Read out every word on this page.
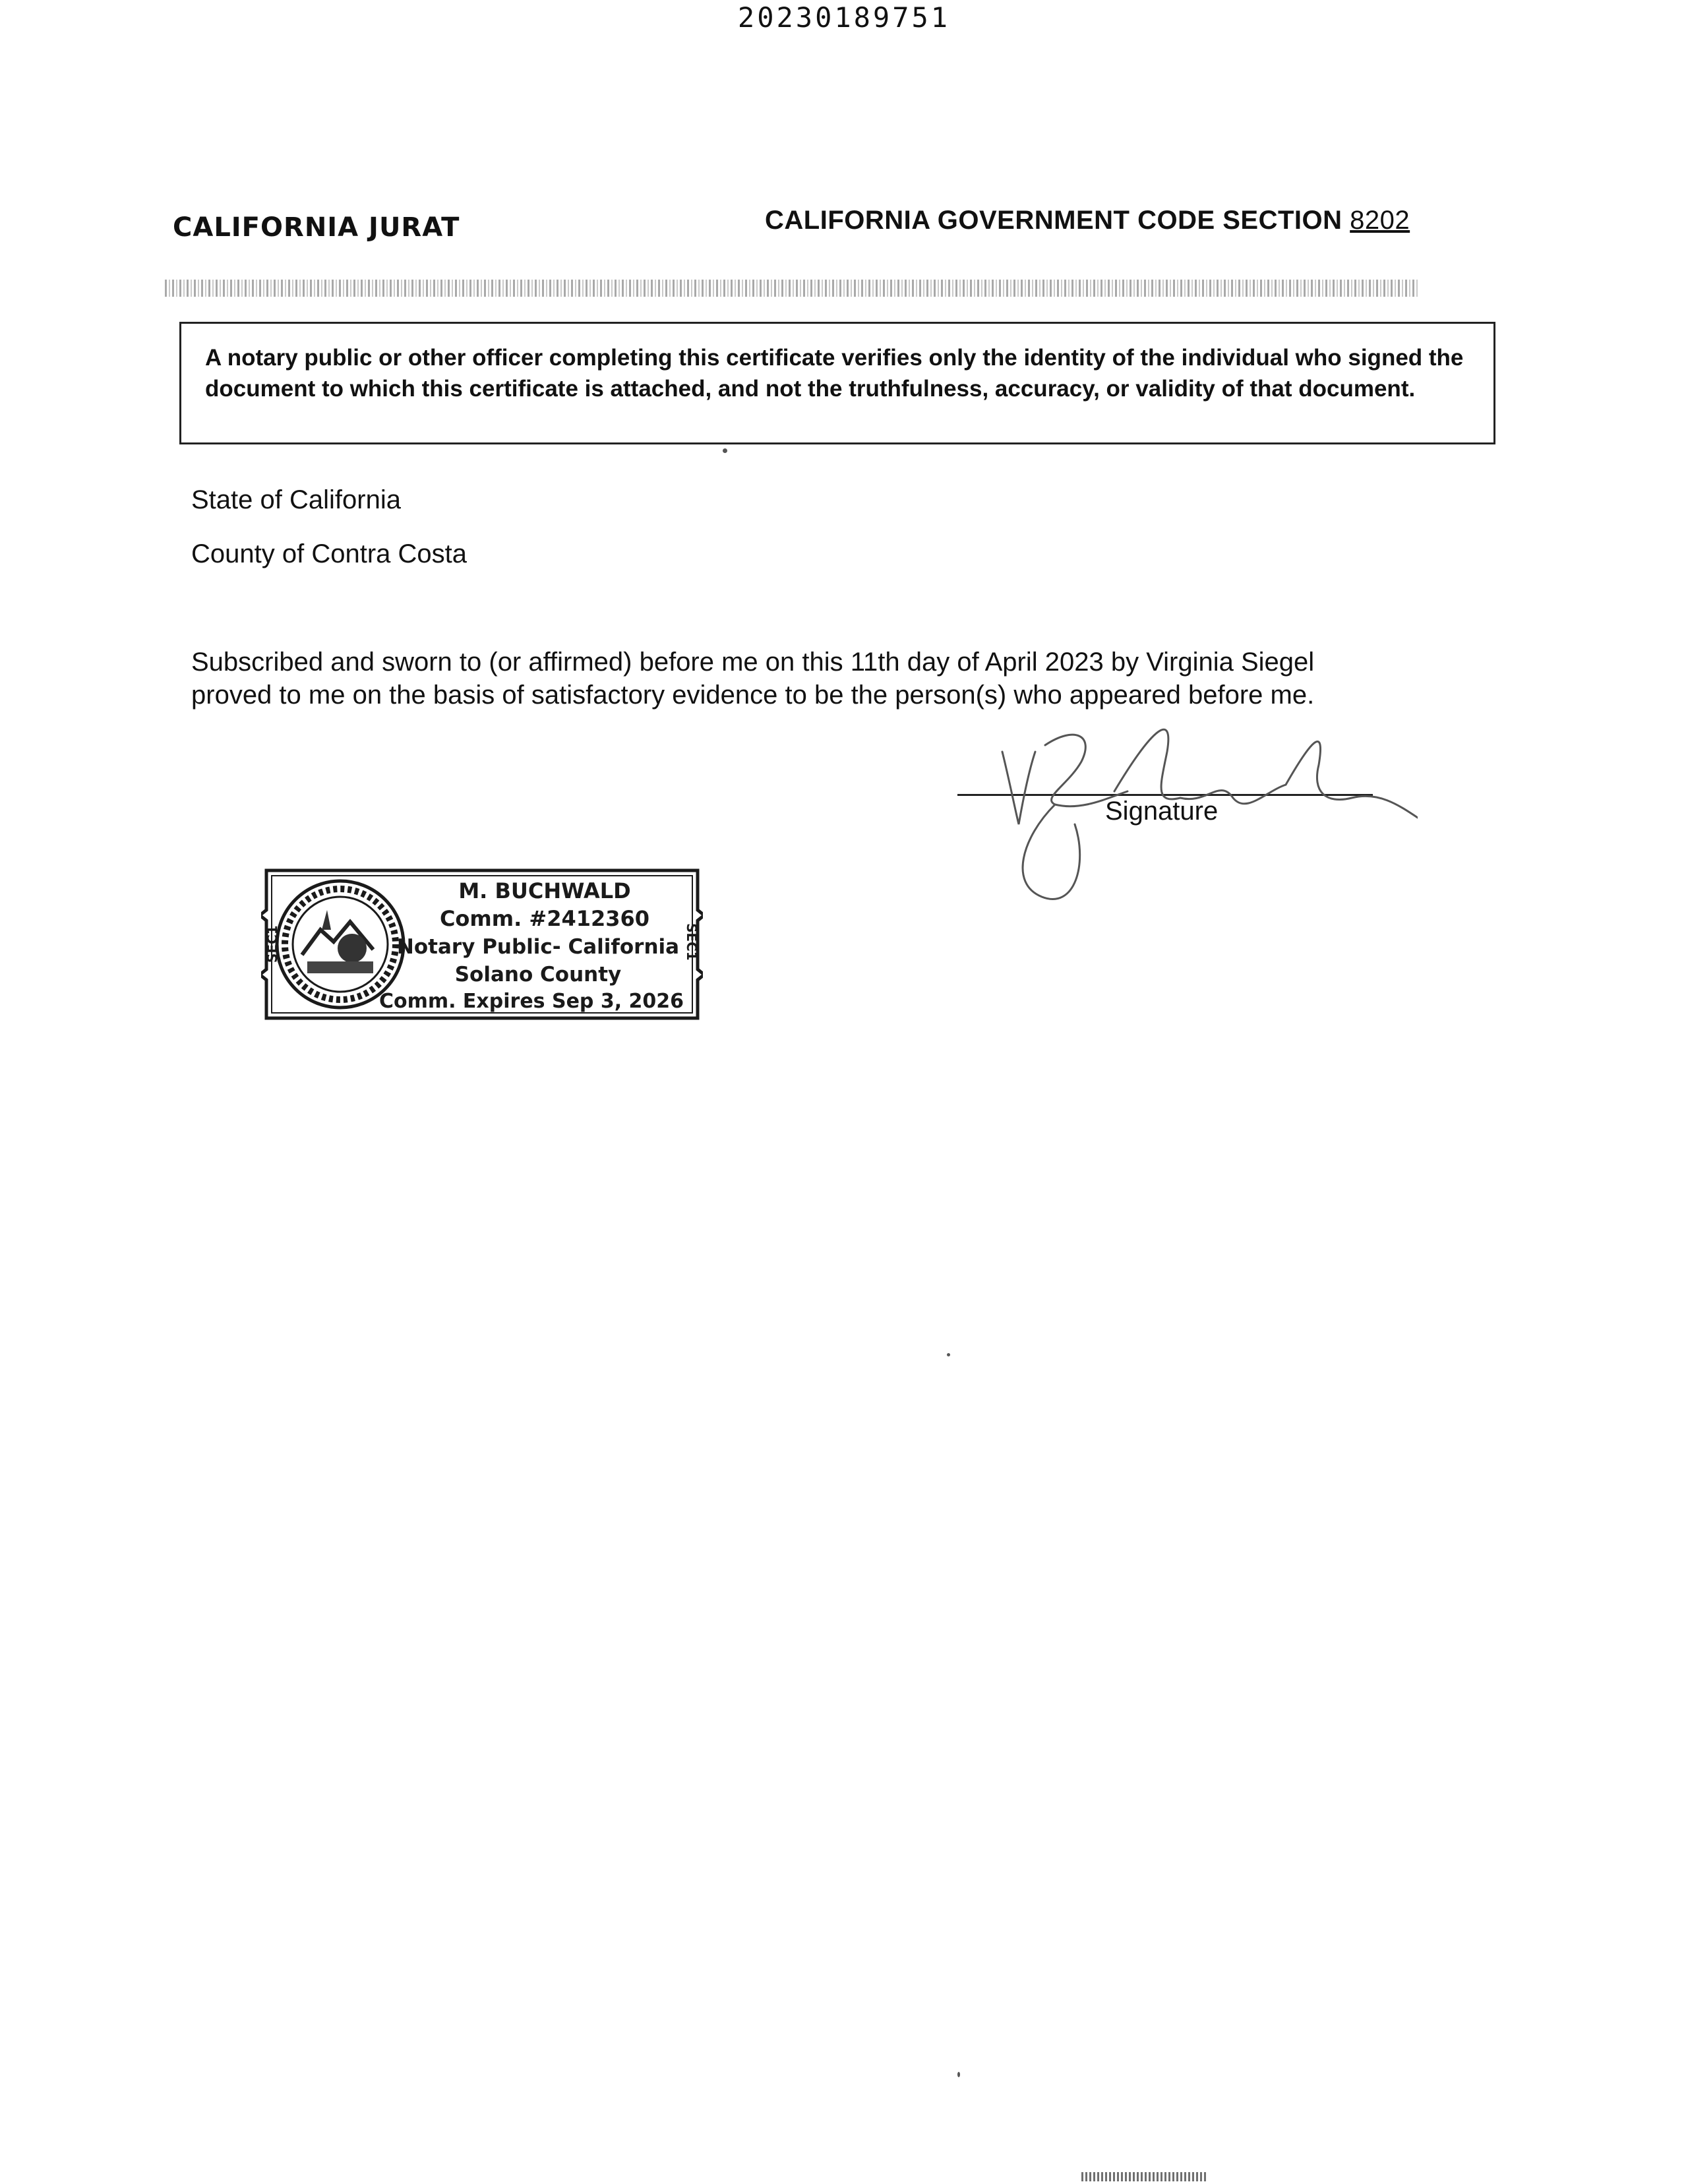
20230189751
CALIFORNIA JURAT	CALIFORNIA GOVERNMENT CODE SECTION 8202
A notary public or other officer completing this certificate verifies only the identity of the individual who signed the document to which this certificate is attached, and not the truthfulness, accuracy, or validity of that document.
State of California
County of Contra Costa
Subscribed and sworn to (or affirmed) before me on this 11th day of April 2023 by Virginia Siegel
proved to me on the basis of satisfactory evidence to be the person(s) who appeared before me.
Signature
SEC1	SEC1
M. BUCHWALD
Comm. #2412360
Notary Public- California
Solano County
Comm. Expires Sep 3, 2026
